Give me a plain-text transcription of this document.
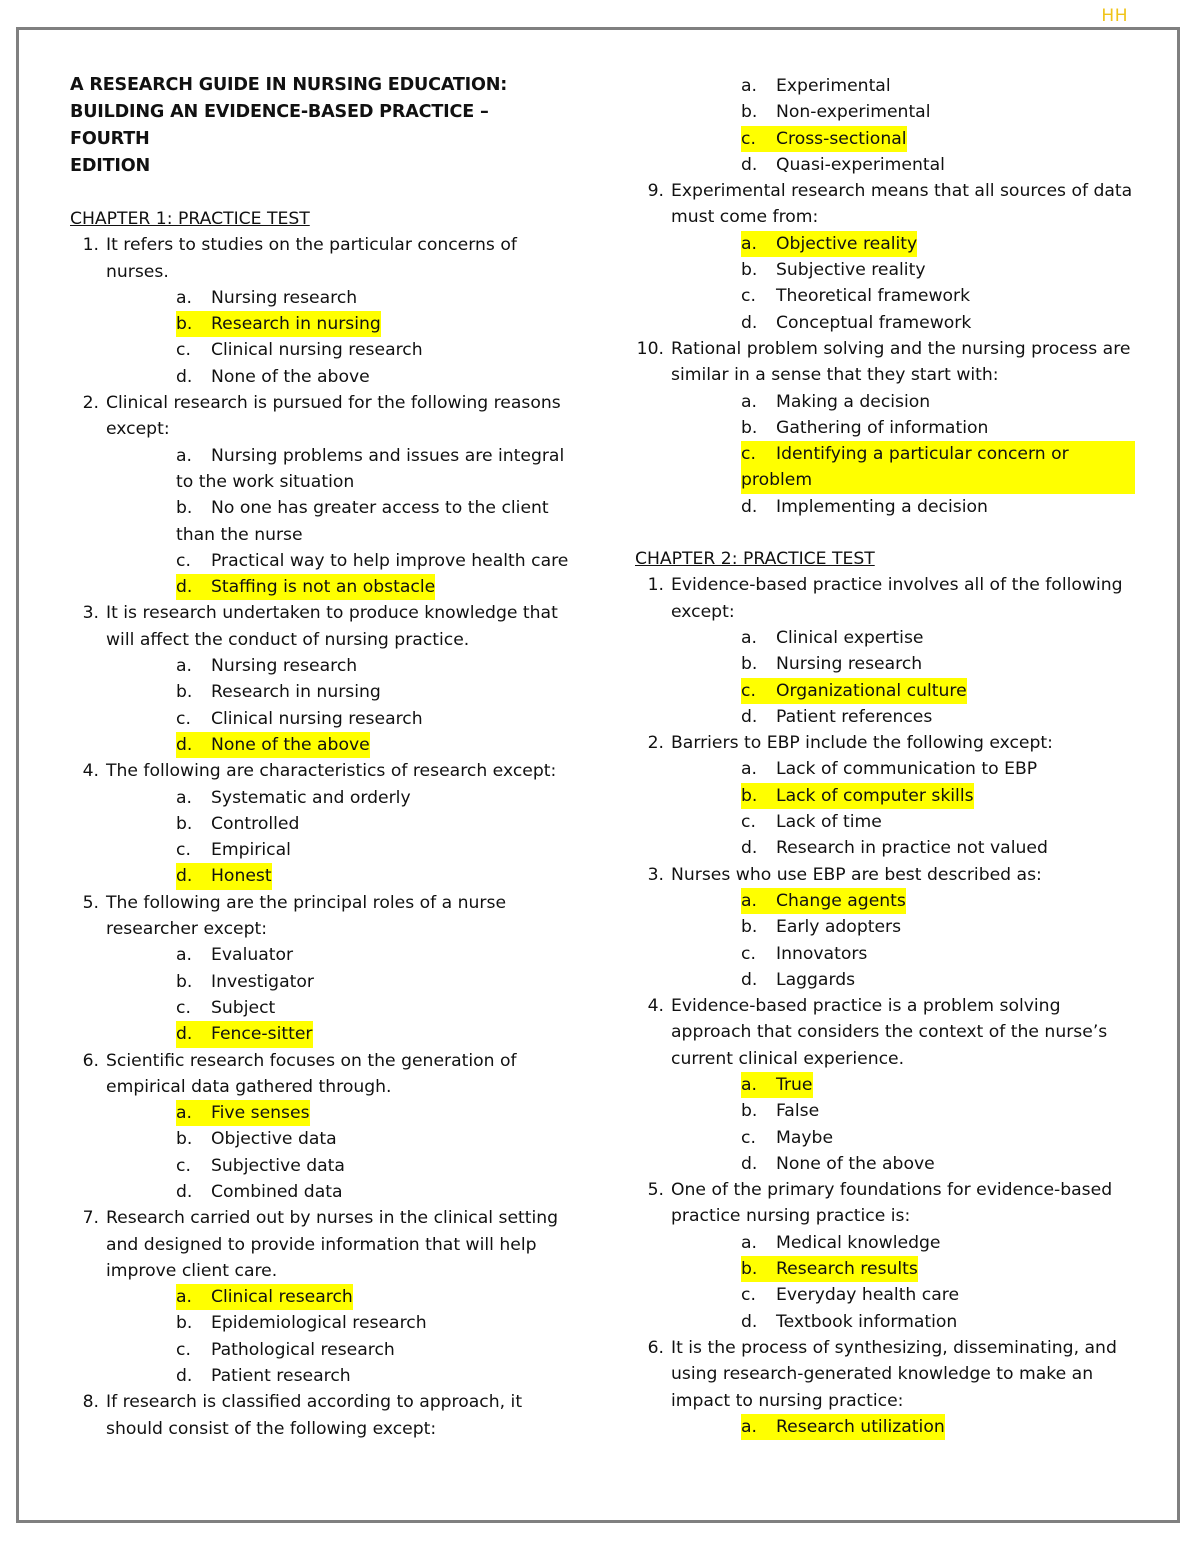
HH
A RESEARCH GUIDE IN NURSING EDUCATION:
BUILDING AN EVIDENCE-BASED PRACTICE – FOURTH
EDITION
CHAPTER 1: PRACTICE TEST
1. It refers to studies on the particular concerns of nurses.
a. Nursing research
b. Research in nursing
c. Clinical nursing research
d. None of the above
2. Clinical research is pursued for the following reasons except:
a. Nursing problems and issues are integral to the work situation
b. No one has greater access to the client than the nurse
c. Practical way to help improve health care
d. Staffing is not an obstacle
3. It is research undertaken to produce knowledge that will affect the conduct of nursing practice.
a. Nursing research
b. Research in nursing
c. Clinical nursing research
d. None of the above
4. The following are characteristics of research except:
a. Systematic and orderly
b. Controlled
c. Empirical
d. Honest
5. The following are the principal roles of a nurse researcher except:
a. Evaluator
b. Investigator
c. Subject
d. Fence-sitter
6. Scientific research focuses on the generation of empirical data gathered through.
a. Five senses
b. Objective data
c. Subjective data
d. Combined data
7. Research carried out by nurses in the clinical setting and designed to provide information that will help improve client care.
a. Clinical research
b. Epidemiological research
c. Pathological research
d. Patient research
8. If research is classified according to approach, it should consist of the following except:
a. Experimental
b. Non-experimental
c. Cross-sectional
d. Quasi-experimental
9. Experimental research means that all sources of data must come from:
a. Objective reality
b. Subjective reality
c. Theoretical framework
d. Conceptual framework
10. Rational problem solving and the nursing process are similar in a sense that they start with:
a. Making a decision
b. Gathering of information
c. Identifying a particular concern or problem
d. Implementing a decision
CHAPTER 2: PRACTICE TEST
1. Evidence-based practice involves all of the following except:
a. Clinical expertise
b. Nursing research
c. Organizational culture
d. Patient references
2. Barriers to EBP include the following except:
a. Lack of communication to EBP
b. Lack of computer skills
c. Lack of time
d. Research in practice not valued
3. Nurses who use EBP are best described as:
a. Change agents
b. Early adopters
c. Innovators
d. Laggards
4. Evidence-based practice is a problem solving approach that considers the context of the nurse’s current clinical experience.
a. True
b. False
c. Maybe
d. None of the above
5. One of the primary foundations for evidence-based practice nursing practice is:
a. Medical knowledge
b. Research results
c. Everyday health care
d. Textbook information
6. It is the process of synthesizing, disseminating, and using research-generated knowledge to make an impact to nursing practice:
a. Research utilization
